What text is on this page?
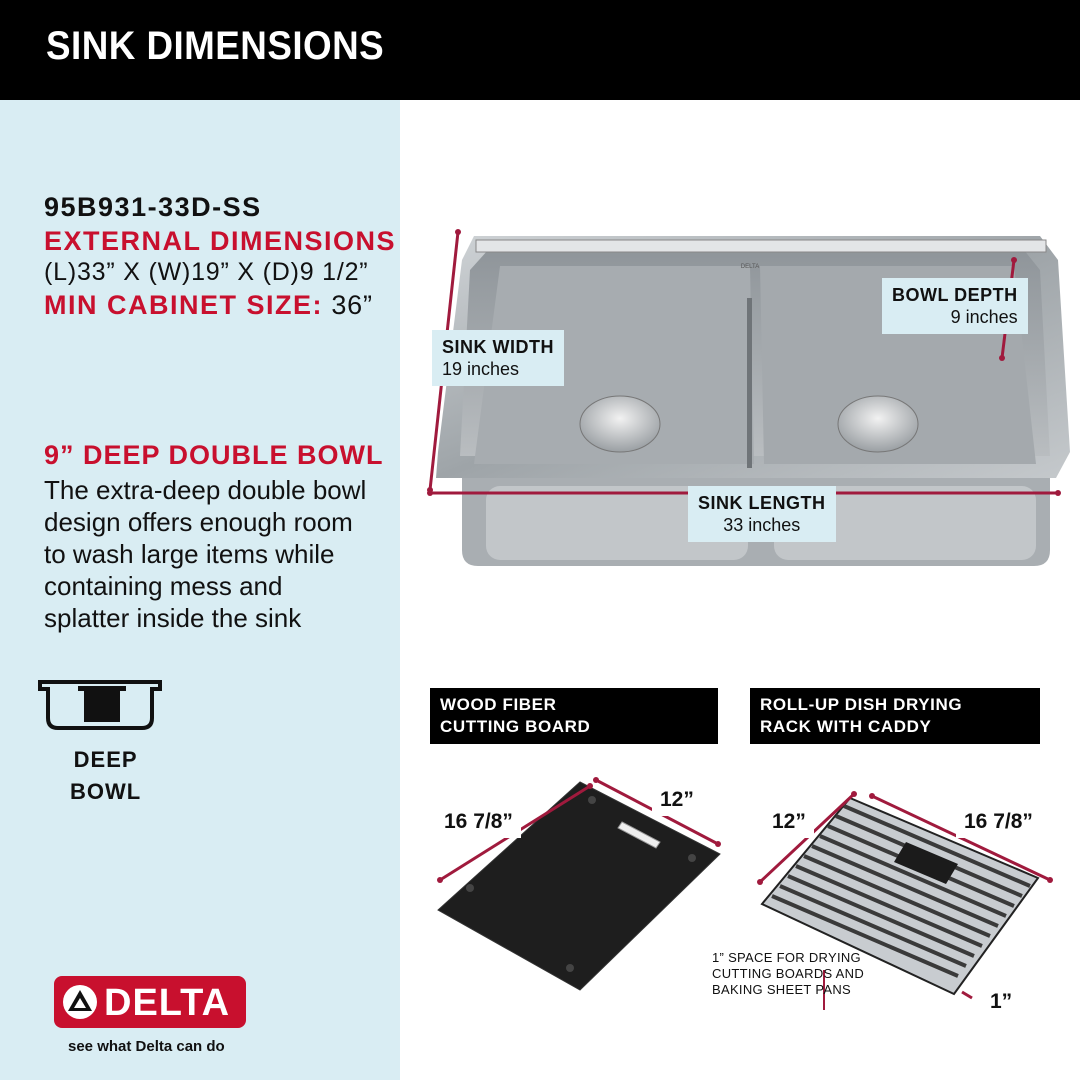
SINK DIMENSIONS
95B931-33D-SS
EXTERNAL DIMENSIONS
(L)33” X (W)19” X (D)9 1/2”
MIN CABINET SIZE: 36”
9” DEEP DOUBLE BOWL
The extra-deep double bowl design offers enough room to wash large items while containing mess and splatter inside the sink
DEEP
BOWL
DELTA
see what Delta can do
DELTA
SINK WIDTH
19 inches
BOWL DEPTH
9 inches
SINK LENGTH
33 inches
WOOD FIBER
CUTTING BOARD
ROLL-UP DISH DRYING
RACK WITH CADDY
16 7/8”
12”
12”	16 7/8”
1” SPACE FOR DRYING
CUTTING BOARDS AND
BAKING SHEET PANS
1”
